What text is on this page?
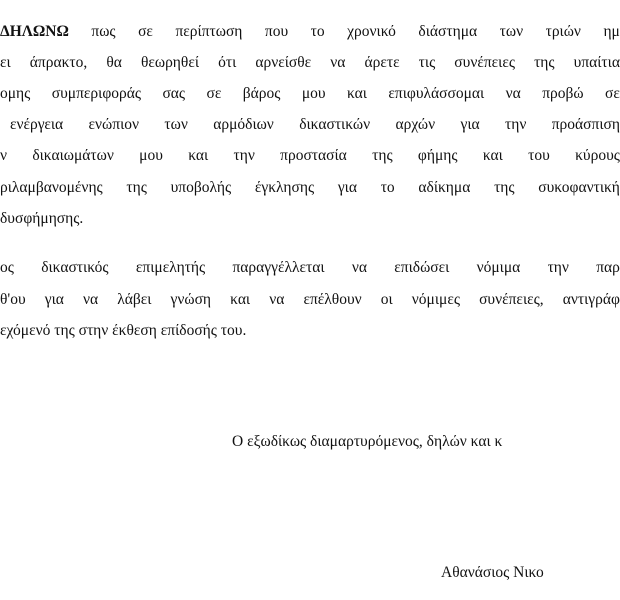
ΔΗΛΩΝΩ πως σε περίπτωση που το χρονικό διάστημα των τριών ημ
ει άπρακτο, θα θεωρηθεί ότι αρνείσθε να άρετε τις συνέπειες της υπαίτια
ομης συμπεριφοράς σας σε βάρος μου και επιφυλάσσομαι να προβώ σε
ενέργεια ενώπιον των αρμόδιων δικαστικών αρχών για την προάσπιση
ν δικαιωμάτων μου και την προστασία της φήμης και του κύρους
ριλαμβανομένης της υποβολής έγκλησης για το αδίκημα της συκοφαντική
δυσφήμησης.
ος δικαστικός επιμελητής παραγγέλλεται να επιδώσει νόμιμα την παρ
θ'ου για να λάβει γνώση και να επέλθουν οι νόμιμες συνέπειες, αντιγράφ
εχόμενό της στην έκθεση επίδοσής του.
Ο εξωδίκως διαμαρτυρόμενος, δηλών και κ
Αθανάσιος Νικο
